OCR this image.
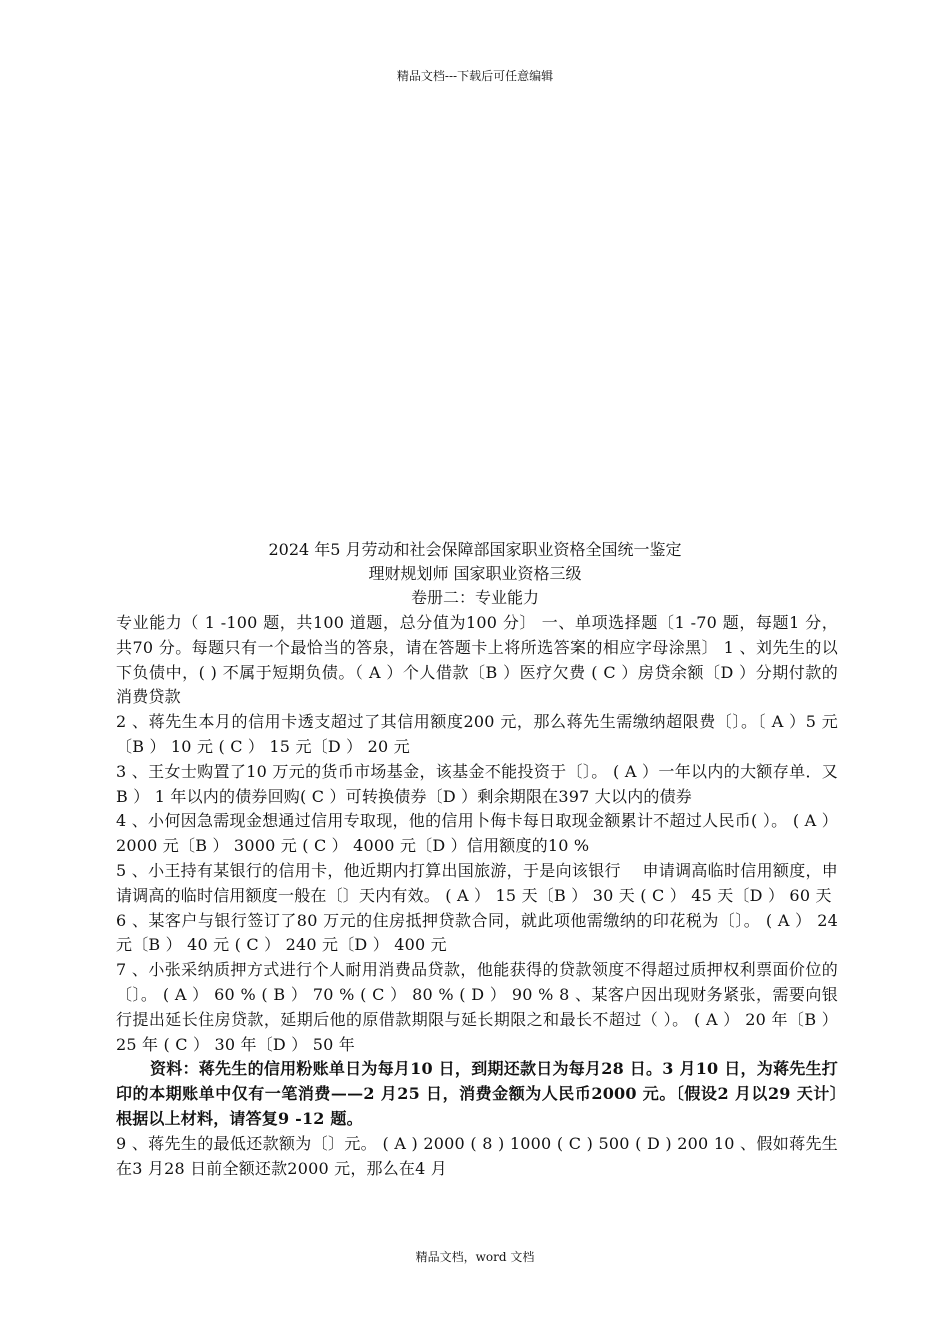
精品文档---下载后可任意编辑
2024 年5 月劳动和社会保障部国家职业资格全国统一鉴定
理财规划师 国家职业资格三级
卷册二：专业能力

专业能力（ 1 -100 题，共100 道题，总分值为100 分〕 一、单项选择题〔1 -70 题，每题1 分，共70 分。每题只有一个最恰当的答泉，请在答题卡上将所选答案的相应字母涂黑〕 1 、刘先生的以下负债中，( ) 不属于短期负债。（ A ）个人借款〔B ）医疗欠费 ( C ）房贷余额〔D ）分期付款的消费贷款

2 、蒋先生本月的信用卡透支超过了其信用额度200 元，那么蒋先生需缴纳超限费〔〕。〔 A ）5 元〔B ） 10 元 ( C ） 15 元〔D ） 20 元

3 、王女士购置了10 万元的货币市场基金，该基金不能投资于〔〕。 ( A ）一年以内的大额存单．又B ） 1 年以内的债券回购( C ）可转换债券〔D ）剩余期限在397 大以内的债券

4 、小何因急需现金想通过信用专取现，他的信用卜侮卡每日取现金额累计不超过人民币( ）。 ( A ） 2000 元〔B ） 3000 元 ( C ） 4000 元〔D ）信用额度的10 %

5 、小王持有某银行的信用卡，他近期内打算出国旅游，于是向该银行　 申请调高临时信用额度，申请调高的临时信用额度一般在〔〕天内有效。 ( A ） 15 天〔B ） 30 天 ( C ） 45 天〔D ） 60 天

6 、某客户与银行签订了80 万元的住房抵押贷款合同，就此项他需缴纳的印花税为〔〕。 ( A ） 24 元〔B ） 40 元 ( C ） 240 元〔D ） 400 元

7 、小张采纳质押方式进行个人耐用消费品贷款，他能获得的贷款领度不得超过质押权利票面价位的〔〕。 ( A ） 60 % ( B ） 70 % ( C ） 80 % ( D ） 90 % 8 、某客户因出现财务紧张，需要向银行提出延长住房贷款，延期后他的原借款期限与延长期限之和最长不超过（ ）。 ( A ） 20 年〔B ） 25 年 ( C ） 30 年〔D ） 50 年

资料：蒋先生的信用粉账单日为每月10 日，到期还款日为每月28 日。3 月10 日，为蒋先生打印的本期账单中仅有一笔消费——2 月25 日，消费金额为人民币2000 元。〔假设2 月以29 天计〕　根据以上材料，请答复9 -12 题。

9 、蒋先生的最低还款额为〔〕元。 ( A ) 2000 ( 8 ) 1000 ( C ) 500 ( D ) 200 10 、假如蒋先生在3 月28 日前全额还款2000 元，那么在4 月

精品文档，word 文档
